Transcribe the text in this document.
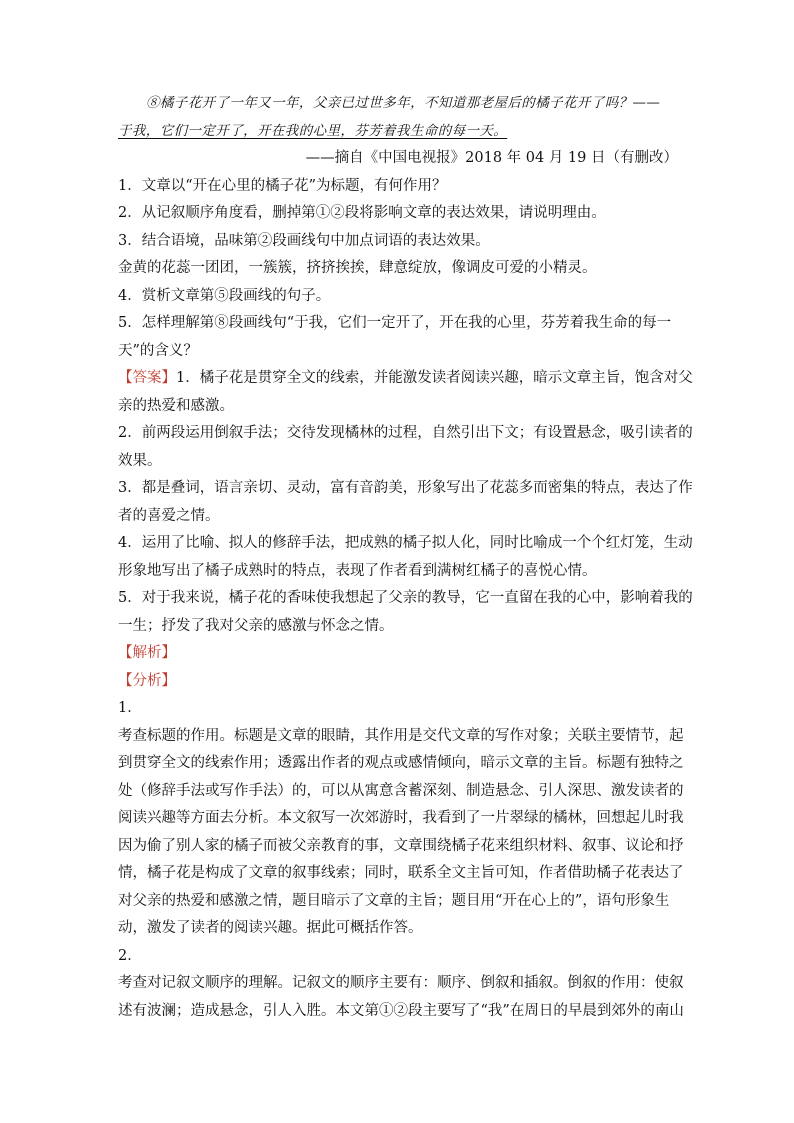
⑧橘子花开了一年又一年，父亲已过世多年，不知道那老屋后的橘子花开了吗？——
于我，它们一定开了，开在我的心里，芬芳着我生命的每一天。
——摘自《中国电视报》2018 年 04 月 19 日（有删改）
1．文章以“开在心里的橘子花”为标题，有何作用？
2．从记叙顺序角度看，删掉第①②段将影响文章的表达效果，请说明理由。
3．结合语境，品味第②段画线句中加点词语的表达效果。
金黄的花蕊一团团，一簇簇，挤挤挨挨，肆意绽放，像调皮可爱的小精灵。
4．赏析文章第⑤段画线的句子。
5．怎样理解第⑧段画线句“于我，它们一定开了，开在我的心里，芬芳着我生命的每一
天”的含义？
【答案】1．橘子花是贯穿全文的线索，并能激发读者阅读兴趣，暗示文章主旨，饱含对父
亲的热爱和感激。
2．前两段运用倒叙手法；交待发现橘林的过程，自然引出下文；有设置悬念，吸引读者的
效果。
3．都是叠词，语言亲切、灵动，富有音韵美，形象写出了花蕊多而密集的特点，表达了作
者的喜爱之情。
4．运用了比喻、拟人的修辞手法，把成熟的橘子拟人化，同时比喻成一个个红灯笼，生动
形象地写出了橘子成熟时的特点，表现了作者看到满树红橘子的喜悦心情。
5．对于我来说，橘子花的香味使我想起了父亲的教导，它一直留在我的心中，影响着我的
一生；抒发了我对父亲的感激与怀念之情。
【解析】
【分析】
1．
考查标题的作用。标题是文章的眼睛，其作用是交代文章的写作对象；关联主要情节，起
到贯穿全文的线索作用；透露出作者的观点或感情倾向，暗示文章的主旨。标题有独特之
处（修辞手法或写作手法）的，可以从寓意含蓄深刻、制造悬念、引人深思、激发读者的
阅读兴趣等方面去分析。本文叙写一次郊游时，我看到了一片翠绿的橘林，回想起儿时我
因为偷了别人家的橘子而被父亲教育的事，文章围绕橘子花来组织材料、叙事、议论和抒
情，橘子花是构成了文章的叙事线索；同时，联系全文主旨可知，作者借助橘子花表达了
对父亲的热爱和感激之情，题目暗示了文章的主旨；题目用“开在心上的”，语句形象生
动，激发了读者的阅读兴趣。据此可概括作答。
2．
考查对记叙文顺序的理解。记叙文的顺序主要有：顺序、倒叙和插叙。倒叙的作用：使叙
述有波澜；造成悬念，引人入胜。本文第①②段主要写了“我”在周日的早晨到郊外的南山
